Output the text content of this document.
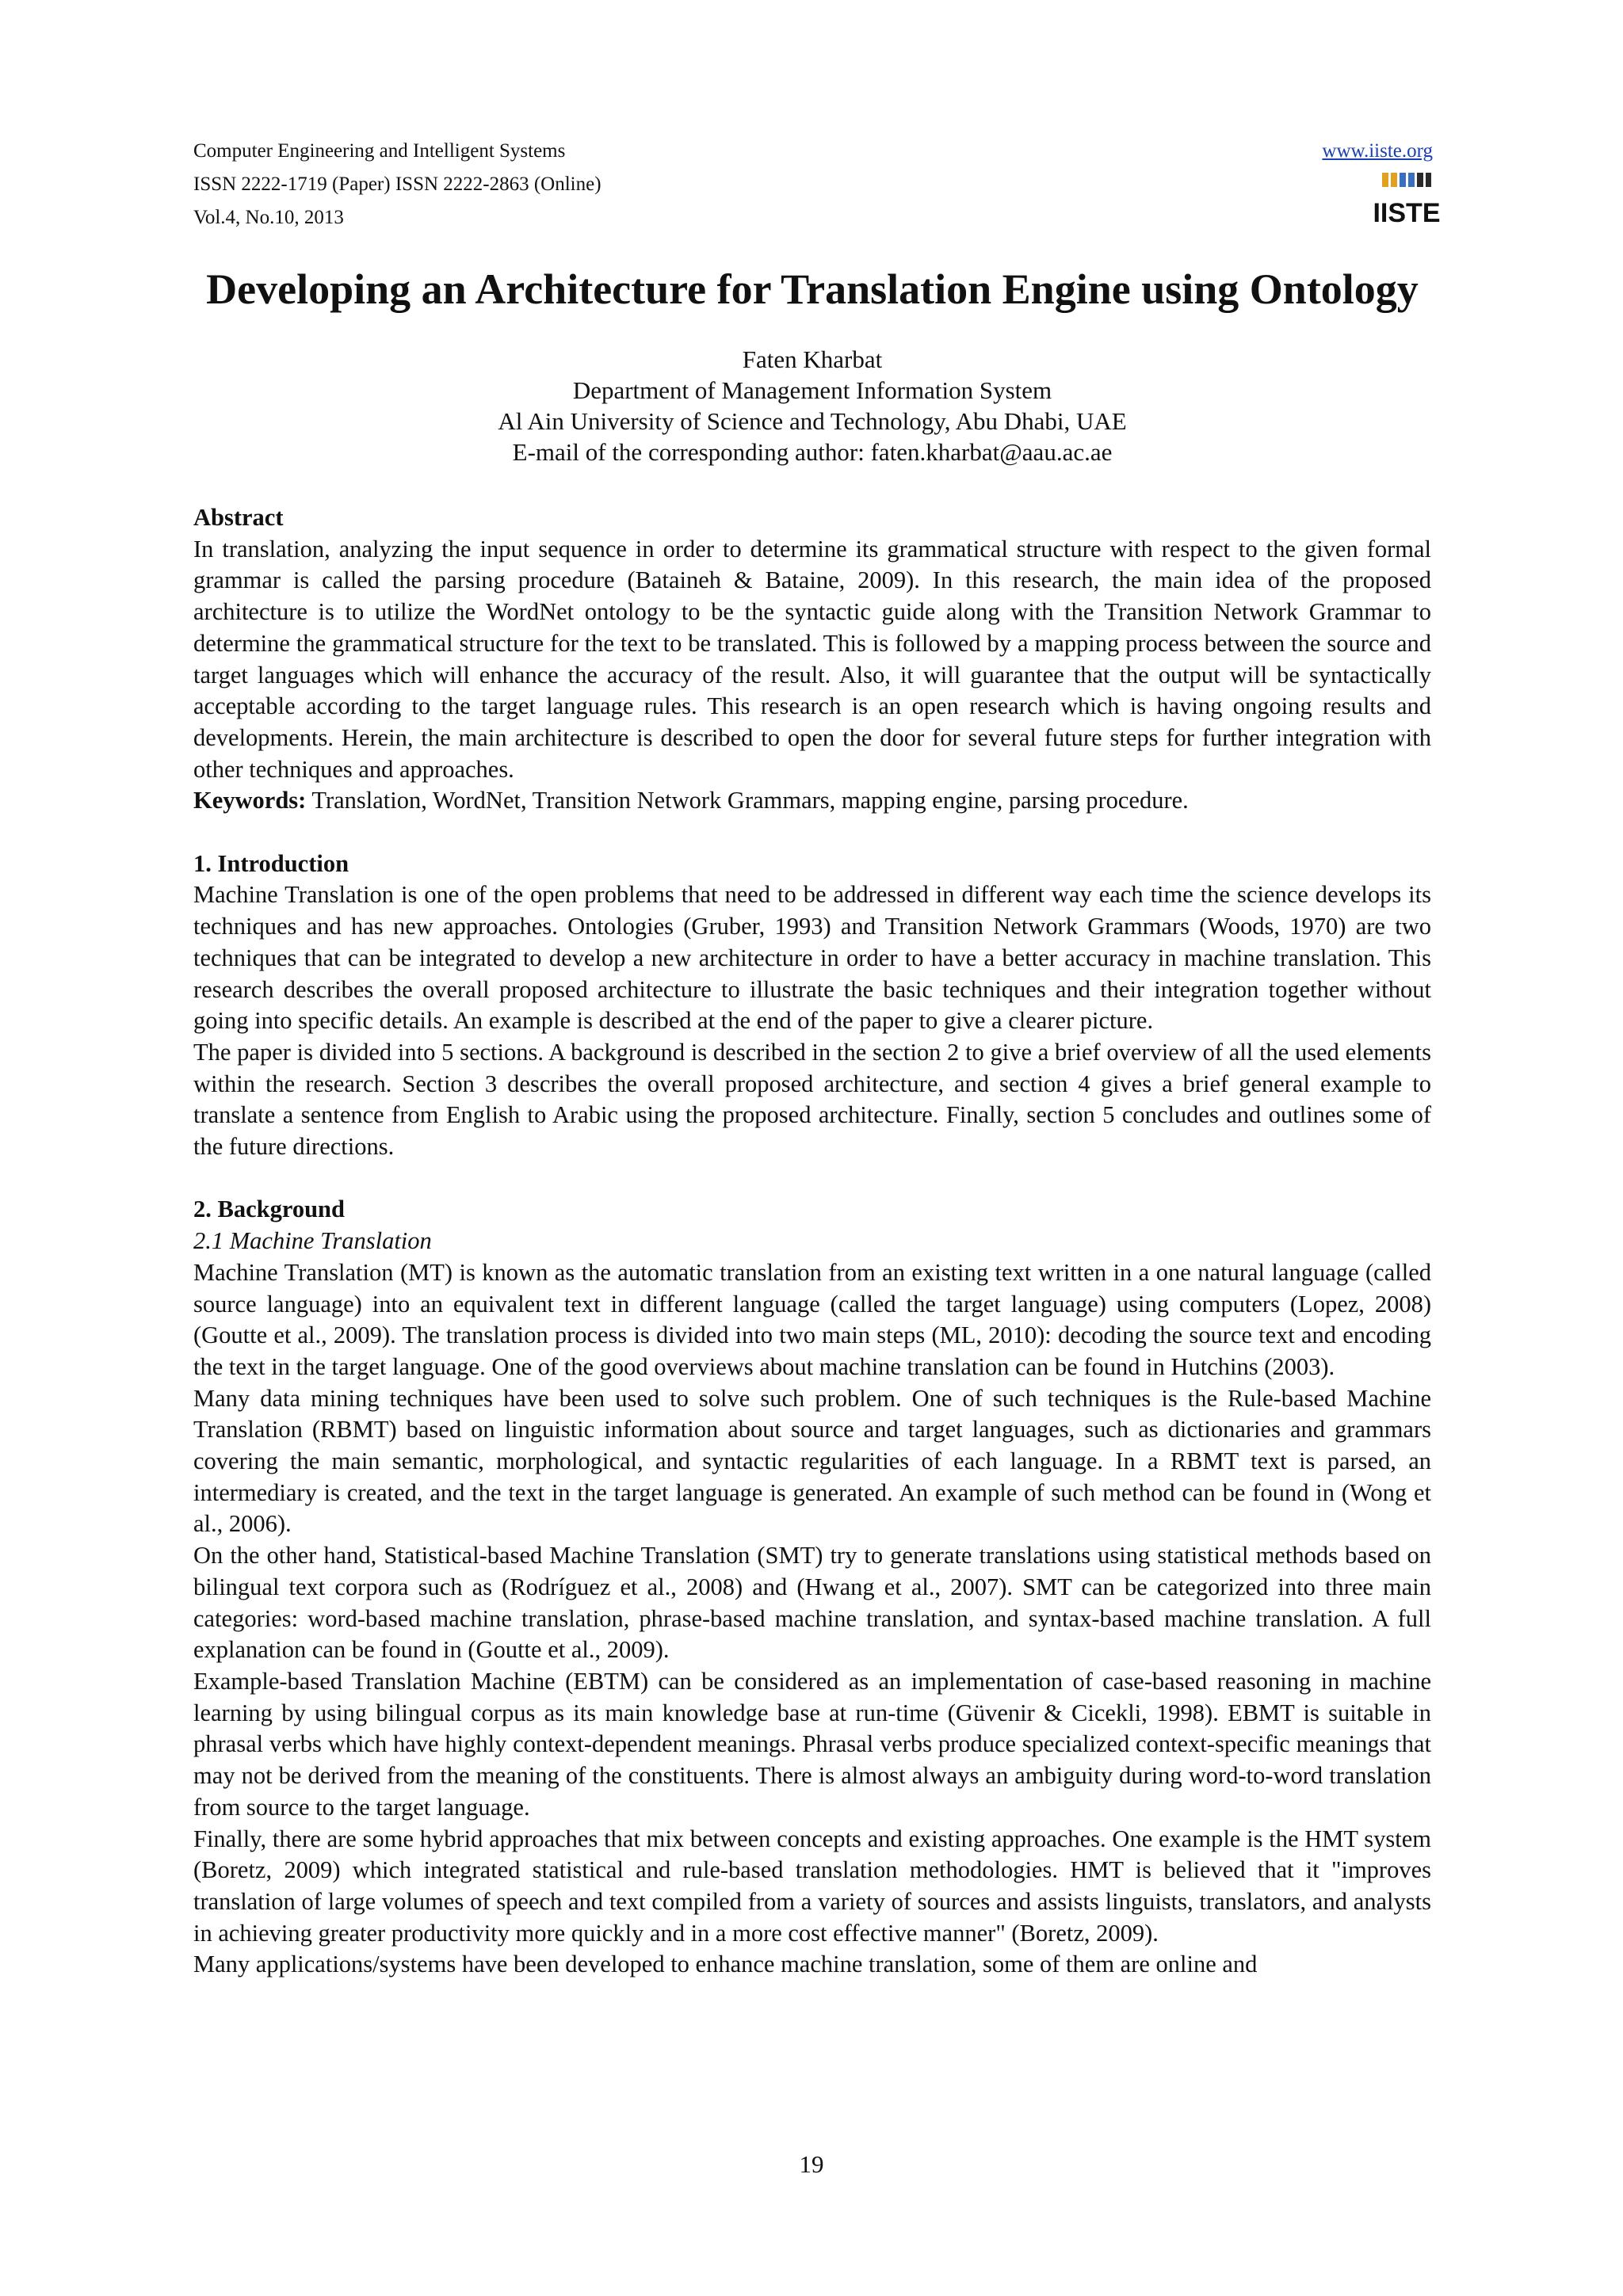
Computer Engineering and Intelligent Systems
ISSN 2222-1719 (Paper) ISSN 2222-2863 (Online)
Vol.4, No.10, 2013
www.iiste.org
IISTE
Developing an Architecture for Translation Engine using Ontology
Faten Kharbat
Department of Management Information System
Al Ain University of Science and Technology, Abu Dhabi, UAE
E-mail of the corresponding author: faten.kharbat@aau.ac.ae

Abstract

In translation, analyzing the input sequence in order to determine its grammatical structure with respect to the given formal grammar is called the parsing procedure (Bataineh & Bataine, 2009). In this research, the main idea of the proposed architecture is to utilize the WordNet ontology to be the syntactic guide along with the Transition Network Grammar to determine the grammatical structure for the text to be translated. This is followed by a mapping process between the source and target languages which will enhance the accuracy of the result. Also, it will guarantee that the output will be syntactically acceptable according to the target language rules. This research is an open research which is having ongoing results and developments. Herein, the main architecture is described to open the door for several future steps for further integration with other techniques and approaches.

Keywords: Translation, WordNet, Transition Network Grammars, mapping engine, parsing procedure.

1. Introduction

Machine Translation is one of the open problems that need to be addressed in different way each time the science develops its techniques and has new approaches. Ontologies (Gruber, 1993) and Transition Network Grammars (Woods, 1970) are two techniques that can be integrated to develop a new architecture in order to have a better accuracy in machine translation. This research describes the overall proposed architecture to illustrate the basic techniques and their integration together without going into specific details. An example is described at the end of the paper to give a clearer picture.

The paper is divided into 5 sections. A background is described in the section 2 to give a brief overview of all the used elements within the research. Section 3 describes the overall proposed architecture, and section 4 gives a brief general example to translate a sentence from English to Arabic using the proposed architecture. Finally, section 5 concludes and outlines some of the future directions.

2. Background

2.1 Machine Translation

Machine Translation (MT) is known as the automatic translation from an existing text written in a one natural language (called source language) into an equivalent text in different language (called the target language) using computers (Lopez, 2008)(Goutte et al., 2009). The translation process is divided into two main steps (ML, 2010): decoding the source text and encoding the text in the target language. One of the good overviews about machine translation can be found in Hutchins (2003).

Many data mining techniques have been used to solve such problem. One of such techniques is the Rule-based Machine Translation (RBMT) based on linguistic information about source and target languages, such as dictionaries and grammars covering the main semantic, morphological, and syntactic regularities of each language. In a RBMT text is parsed, an intermediary is created, and the text in the target language is generated. An example of such method can be found in (Wong et al., 2006).

On the other hand, Statistical-based Machine Translation (SMT) try to generate translations using statistical methods based on bilingual text corpora such as (Rodríguez et al., 2008) and (Hwang et al., 2007). SMT can be categorized into three main categories: word-based machine translation, phrase-based machine translation, and syntax-based machine translation. A full explanation can be found in (Goutte et al., 2009).

Example-based Translation Machine (EBTM) can be considered as an implementation of case-based reasoning in machine learning by using bilingual corpus as its main knowledge base at run-time (Güvenir & Cicekli, 1998). EBMT is suitable in phrasal verbs which have highly context-dependent meanings. Phrasal verbs produce specialized context-specific meanings that may not be derived from the meaning of the constituents. There is almost always an ambiguity during word-to-word translation from source to the target language.

Finally, there are some hybrid approaches that mix between concepts and existing approaches. One example is the HMT system (Boretz, 2009) which integrated statistical and rule-based translation methodologies. HMT is believed that it "improves translation of large volumes of speech and text compiled from a variety of sources and assists linguists, translators, and analysts in achieving greater productivity more quickly and in a more cost effective manner" (Boretz, 2009).

Many applications/systems have been developed to enhance machine translation, some of them are online and

19
